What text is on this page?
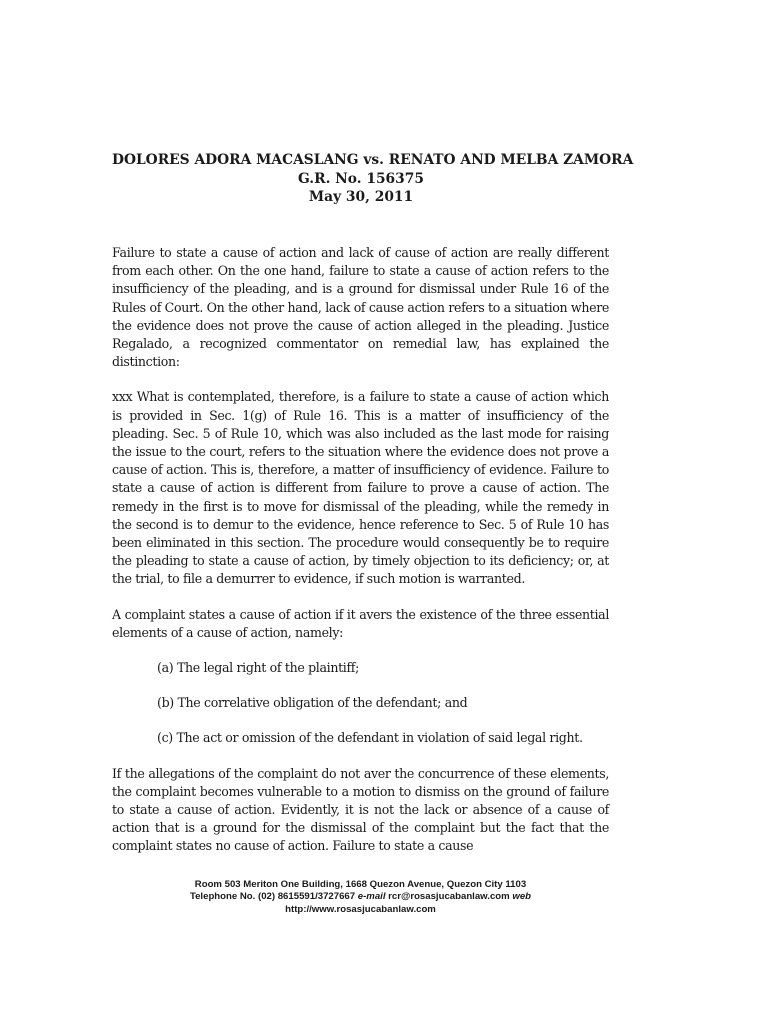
DOLORES ADORA MACASLANG vs. RENATO AND MELBA ZAMORA
G.R. No. 156375
May 30, 2011

Failure to state a cause of action and lack of cause of action are really different from each other. On the one hand, failure to state a cause of action refers to the insufficiency of the pleading, and is a ground for dismissal under Rule 16 of the Rules of Court. On the other hand, lack of cause action refers to a situation where the evidence does not prove the cause of action alleged in the pleading. Justice Regalado, a recognized commentator on remedial law, has explained the distinction:

xxx What is contemplated, therefore, is a failure to state a cause of action which is provided in Sec. 1(g) of Rule 16. This is a matter of insufficiency of the pleading. Sec. 5 of Rule 10, which was also included as the last mode for raising the issue to the court, refers to the situation where the evidence does not prove a cause of action. This is, therefore, a matter of insufficiency of evidence. Failure to state a cause of action is different from failure to prove a cause of action. The remedy in the first is to move for dismissal of the pleading, while the remedy in the second is to demur to the evidence, hence reference to Sec. 5 of Rule 10 has been eliminated in this section. The procedure would consequently be to require the pleading to state a cause of action, by timely objection to its deficiency; or, at the trial, to file a demurrer to evidence, if such motion is warranted.

A complaint states a cause of action if it avers the existence of the three essential elements of a cause of action, namely:

(a) The legal right of the plaintiff;

(b) The correlative obligation of the defendant; and

(c) The act or omission of the defendant in violation of said legal right.

If the allegations of the complaint do not aver the concurrence of these elements, the complaint becomes vulnerable to a motion to dismiss on the ground of failure to state a cause of action. Evidently, it is not the lack or absence of a cause of action that is a ground for the dismissal of the complaint but the fact that the complaint states no cause of action. Failure to state a cause

Room 503 Meriton One Building, 1668 Quezon Avenue, Quezon City 1103
Telephone No. (02) 8615591/3727667 e-mail rcr@rosasjucabanlaw.com web
http://www.rosasjucabanlaw.com
